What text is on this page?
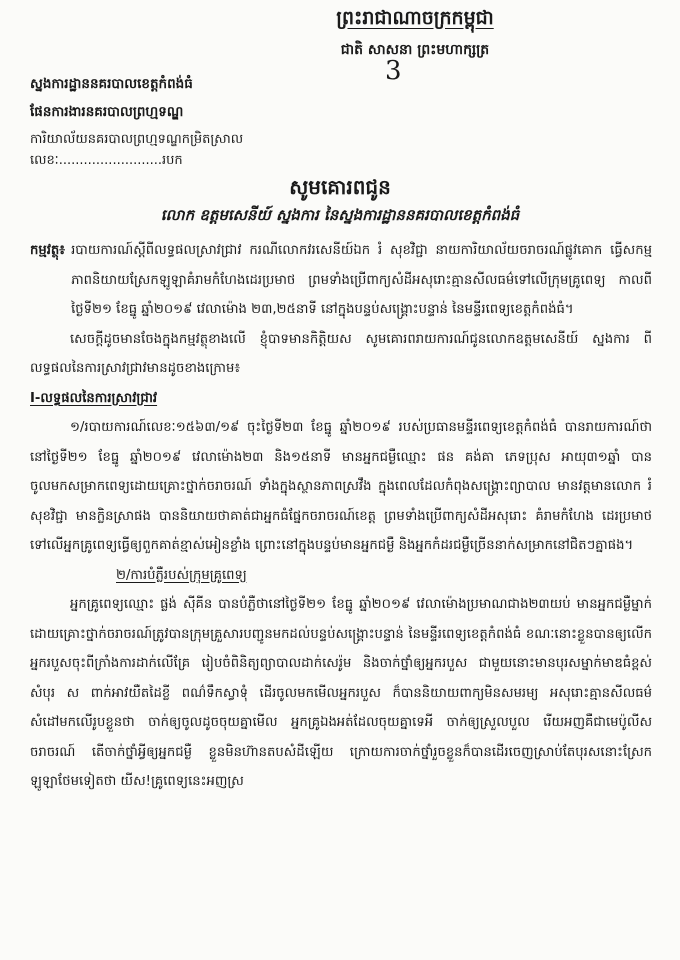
ព្រះរាជាណាចក្រកម្ពុជា
ជាតិ សាសនា ព្រះមហាក្សត្រ
3
ស្នងការដ្ឋាននគរបាលខេត្តកំពង់ធំ
ផែនការងារនគរបាលព្រហ្មទណ្ឌ
ការិយាល័យនគរបាលព្រហ្មទណ្ឌកម្រិតស្រាល
លេខៈ.........................របក
សូមគោរពជូន
លោក ឧត្តមសេនីយ៍ ស្នងការ នៃស្នងការដ្ឋាននគរបាលខេត្តកំពង់ធំ
កម្មវត្ថុ៖ របាយការណ៍ស្តីពីលទ្ធផលស្រាវជ្រាវ ករណីលោកវរសេនីយ៍ឯក រំ សុខវិជ្ជា នាយការិយាល័យចរាចរណ៍ផ្លូវគោក ធ្វើសកម្មភាពនិយាយស្រែកឡូឡាគំរាមកំហែងដេរប្រមាថ ព្រមទាំងប្រើពាក្យសំដីអសុរោះគ្មានសីលធម៌ទៅលើក្រុមគ្រូពេទ្យ កាលពីថ្ងៃទី២១ ខែធ្នូ ឆ្នាំ២០១៩ វេលាម៉ោង ២៣,២៥នាទី នៅក្នុងបន្ទប់សង្គ្រោះបន្ទាន់ នៃមន្ទីរពេទ្យខេត្តកំពង់ធំ។
សេចក្តីដូចមានចែងក្នុងកម្មវត្ថុខាងលើ ខ្ញុំបាទមានកិត្តិយស សូមគោរពរាយការណ៍ជូនលោកឧត្តមសេនីយ៍ ស្នងការ ពីលទ្ធផលនៃការស្រាវជ្រាវមានដូចខាងក្រោម៖
I-លទ្ធផលនៃការស្រាវជ្រាវ
១/របាយការណ៍លេខៈ១៥៦៣/១៩ ចុះថ្ងៃទី២៣ ខែធ្នូ ឆ្នាំ២០១៩ របស់ប្រធានមន្ទីរពេទ្យខេត្តកំពង់ធំ បានរាយការណ៍ថា នៅថ្ងៃទី២១ ខែធ្នូ ឆ្នាំ២០១៩ វេលាម៉ោង២៣ និង១៥នាទី មានអ្នកជម្ងឺឈ្មោះ ផន គង់គា ភេទប្រុស អាយុ៣១ឆ្នាំ បានចូលមកសម្រាកពេទ្យដោយគ្រោះថ្នាក់ចរាចរណ៍ ទាំងក្នុងស្ថានភាពស្រវឹង ក្នុងពេលដែលកំពុងសង្គ្រោះព្យាបាល មានវត្តមានលោក រំ សុខវិជ្ជា មានក្លិនស្រាផង បាននិយាយថាគាត់ជាអ្នកធំផ្នែកចរាចរណ៍ខេត្ត ព្រមទាំងប្រើពាក្យសំដីអសុរោះ គំរាមកំហែង ដេរប្រមាថទៅលើអ្នកគ្រូពេទ្យធ្វើឲ្យពួកគាត់ខ្មាស់អៀនខ្លាំង ព្រោះនៅក្នុងបន្ទប់មានអ្នកជម្ងឺ និងអ្នកកំដរជម្ងឺច្រើននាក់សម្រាកនៅជិតៗគ្នាផង។
២/ការបំភ្លឺរបស់ក្រុមគ្រូពេទ្យ
អ្នកគ្រូពេទ្យឈ្មោះ ផ្លង់ ស៊ីគីន បានបំភ្លឺថានៅថ្ងៃទី២១ ខែធ្នូ ឆ្នាំ២០១៩ វេលាម៉ោងប្រមាណជាង២៣យប់ មានអ្នកជម្ងឺម្នាក់ដោយគ្រោះថ្នាក់ចរាចរណ៍ត្រូវបានក្រុមគ្រួសារបញ្ជូនមកដល់បន្ទប់សង្គ្រោះបន្ទាន់ នៃមន្ទីរពេទ្យខេត្តកំពង់ធំ ខណៈនោះខ្លួនបានឲ្យលើកអ្នករបួសចុះពីក្រាំងការដាក់លើគ្រែ រៀបចំពិនិត្យព្យាបាលដាក់សេរ៉ូម និងចាក់ថ្នាំឲ្យអ្នករបួស ជាមួយនោះមានបុរសម្នាក់មាឌធំខ្ពស់ សំបុរ ស ពាក់អាវយឺតដៃខ្លី ពណ៌ទឹកស្វាទុំ ដើរចូលមកមើលអ្នករបួស ក៏បាននិយាយពាក្យមិនសមរម្យ អសុរោះគ្មានសីលធម៌សំដៅមកលើរូបខ្លួនថា ចាក់ឲ្យចូលដូចចុយគ្នាមើល អ្នកគ្រូឯងអត់ដែលចុយគ្នាទេអី ចាក់ឲ្យស្រួលបួល រើយអញគឺជាមេប៉ូលីសចរាចរណ៍ តើចាក់ថ្នាំអ្វីឲ្យអ្នកជម្ងឺ ខ្លួនមិនហ៊ានតបសំដីឡើយ ក្រោយការចាក់ថ្នាំរួចខ្លួនក៏បានដើរចេញស្រាប់តែបុរសនោះស្រែកឡូឡាថែមទៀតថា យីស!គ្រូពេទ្យនេះអញស្រ
